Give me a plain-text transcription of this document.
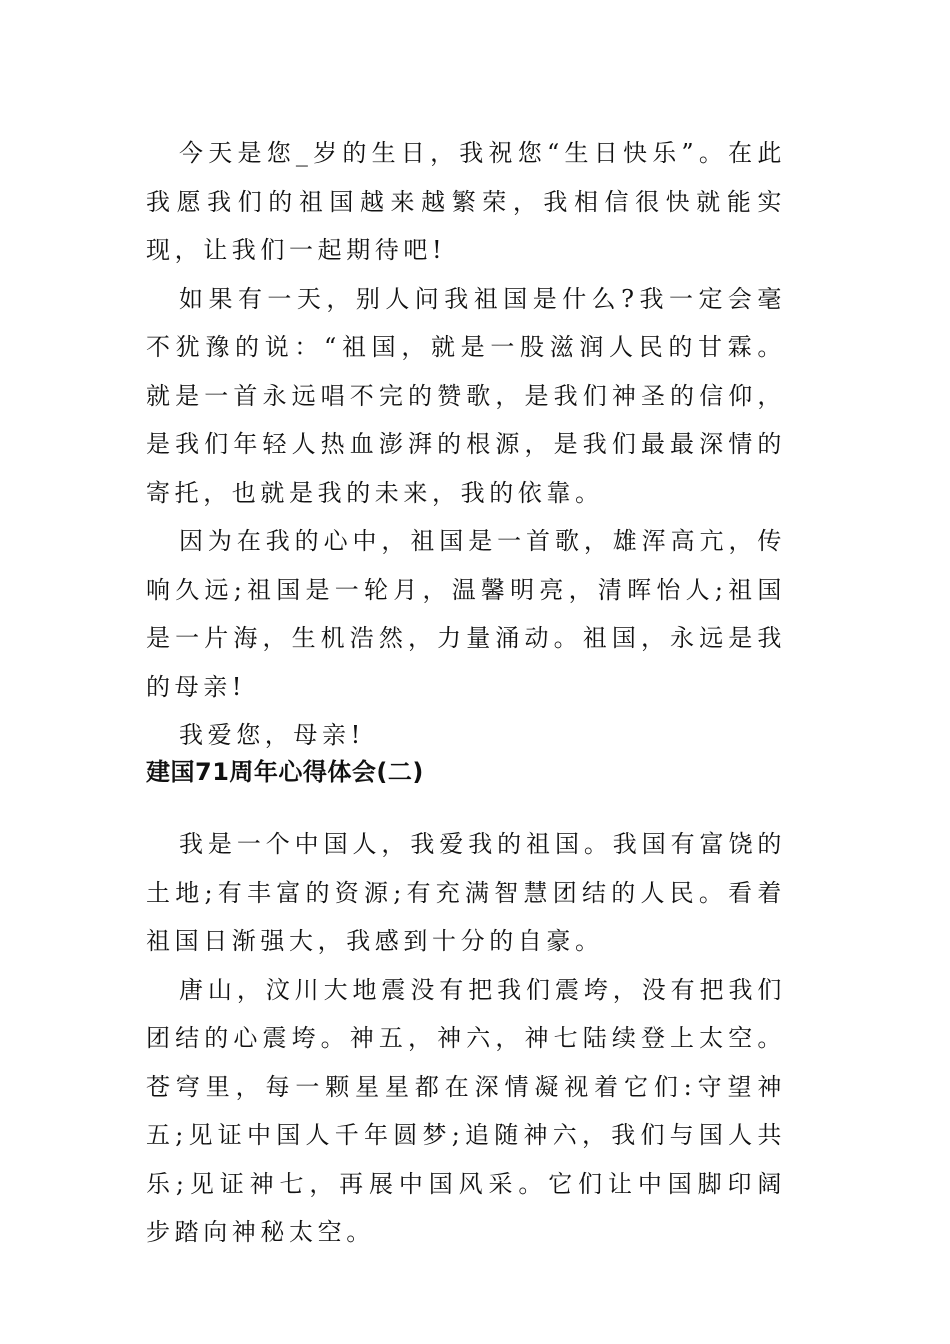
今天是您_岁的生日，我祝您“生日快乐”。在此我愿我们的祖国越来越繁荣，我相信很快就能实现，让我们一起期待吧!

如果有一天，别人问我祖国是什么?我一定会毫不犹豫的说：“祖国，就是一股滋润人民的甘霖。就是一首永远唱不完的赞歌，是我们神圣的信仰，是我们年轻人热血澎湃的根源，是我们最最深情的寄托，也就是我的未来，我的依靠。

因为在我的心中，祖国是一首歌，雄浑高亢，传响久远;祖国是一轮月，温馨明亮，清晖怡人;祖国是一片海，生机浩然，力量涌动。祖国，永远是我的母亲!

我爱您，母亲!

建国71周年心得体会(二)

我是一个中国人，我爱我的祖国。我国有富饶的土地;有丰富的资源;有充满智慧团结的人民。看着祖国日渐强大，我感到十分的自豪。

唐山，汶川大地震没有把我们震垮，没有把我们团结的心震垮。神五，神六，神七陆续登上太空。苍穹里，每一颗星星都在深情凝视着它们:守望神五;见证中国人千年圆梦;追随神六，我们与国人共乐;见证神七，再展中国风采。它们让中国脚印阔步踏向神秘太空。
